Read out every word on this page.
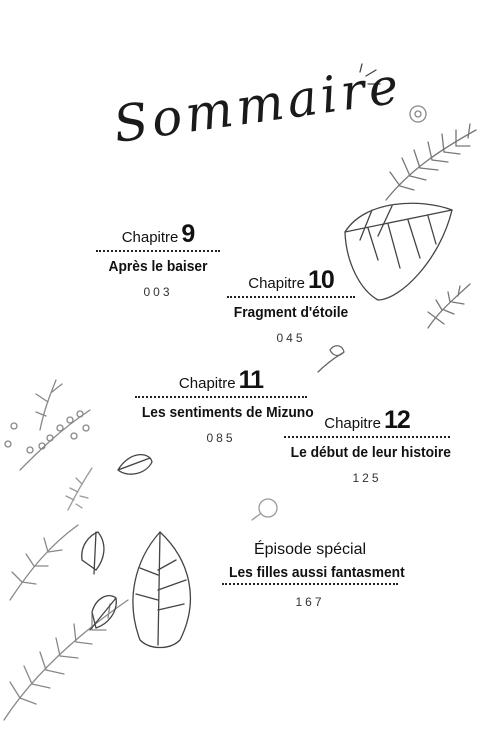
Sommaire
Chapitre 9
Après le baiser
003	Chapitre 10
Fragment d'étoile
045
Chapitre 11
Les sentiments de Mizuno
085
Chapitre 12
Le début de leur histoire
125
Épisode spécial
Les filles aussi fantasment
167
